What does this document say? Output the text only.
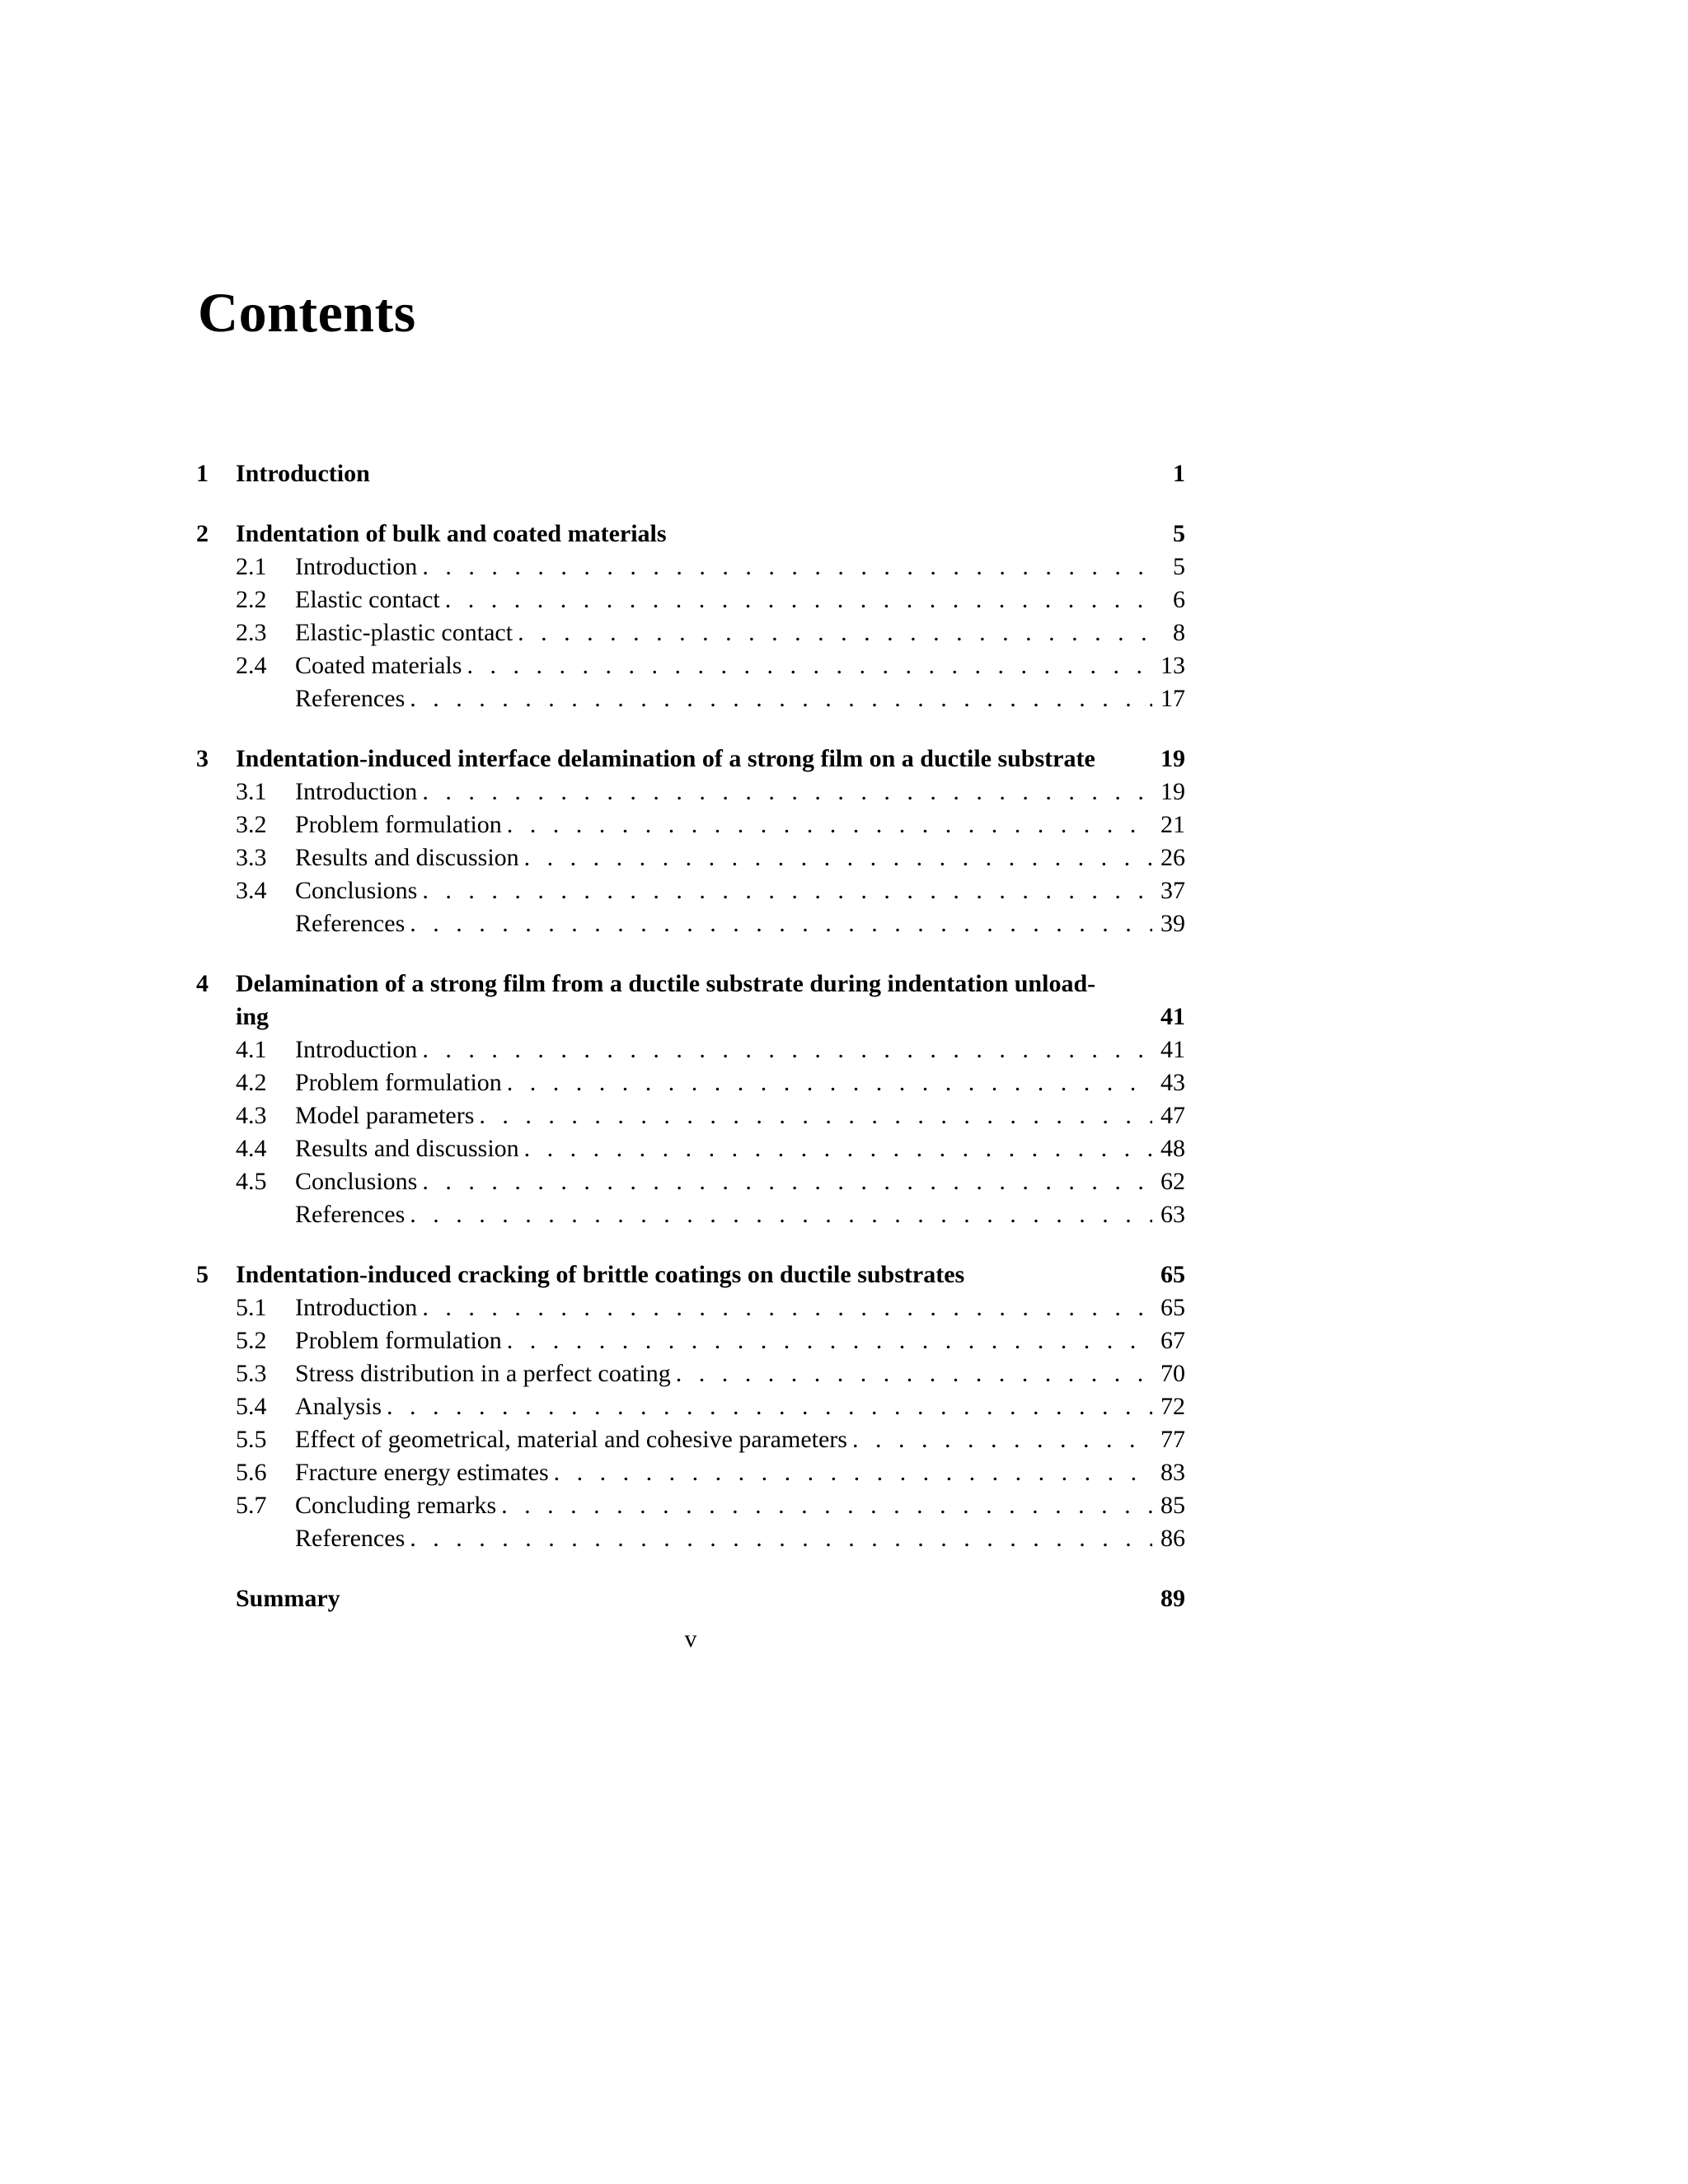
Contents
1	Introduction	1
2	Indentation of bulk and coated materials	5
2.1	Introduction . . .	5
2.2	Elastic contact . . .	6
2.3	Elastic-plastic contact . . .	8
2.4	Coated materials . . .	13
References . . .	17
3	Indentation-induced interface delamination of a strong film on a ductile substrate	19
3.1	Introduction . . .	19
3.2	Problem formulation . . .	21
3.3	Results and discussion . . .	26
3.4	Conclusions . . .	37
References . . .	39
4	Delamination of a strong film from a ductile substrate during indentation unload-
ing	41
4.1	Introduction . . .	41
4.2	Problem formulation . . .	43
4.3	Model parameters . . .	47
4.4	Results and discussion . . .	48
4.5	Conclusions . . .	62
References . . .	63
5	Indentation-induced cracking of brittle coatings on ductile substrates	65
5.1	Introduction . . .	65
5.2	Problem formulation . . .	67
5.3	Stress distribution in a perfect coating . . .	70
5.4	Analysis . . .	72
5.5	Effect of geometrical, material and cohesive parameters . . .	77
5.6	Fracture energy estimates . . .	83
5.7	Concluding remarks . . .	85
References . . .	86
Summary	89
v
